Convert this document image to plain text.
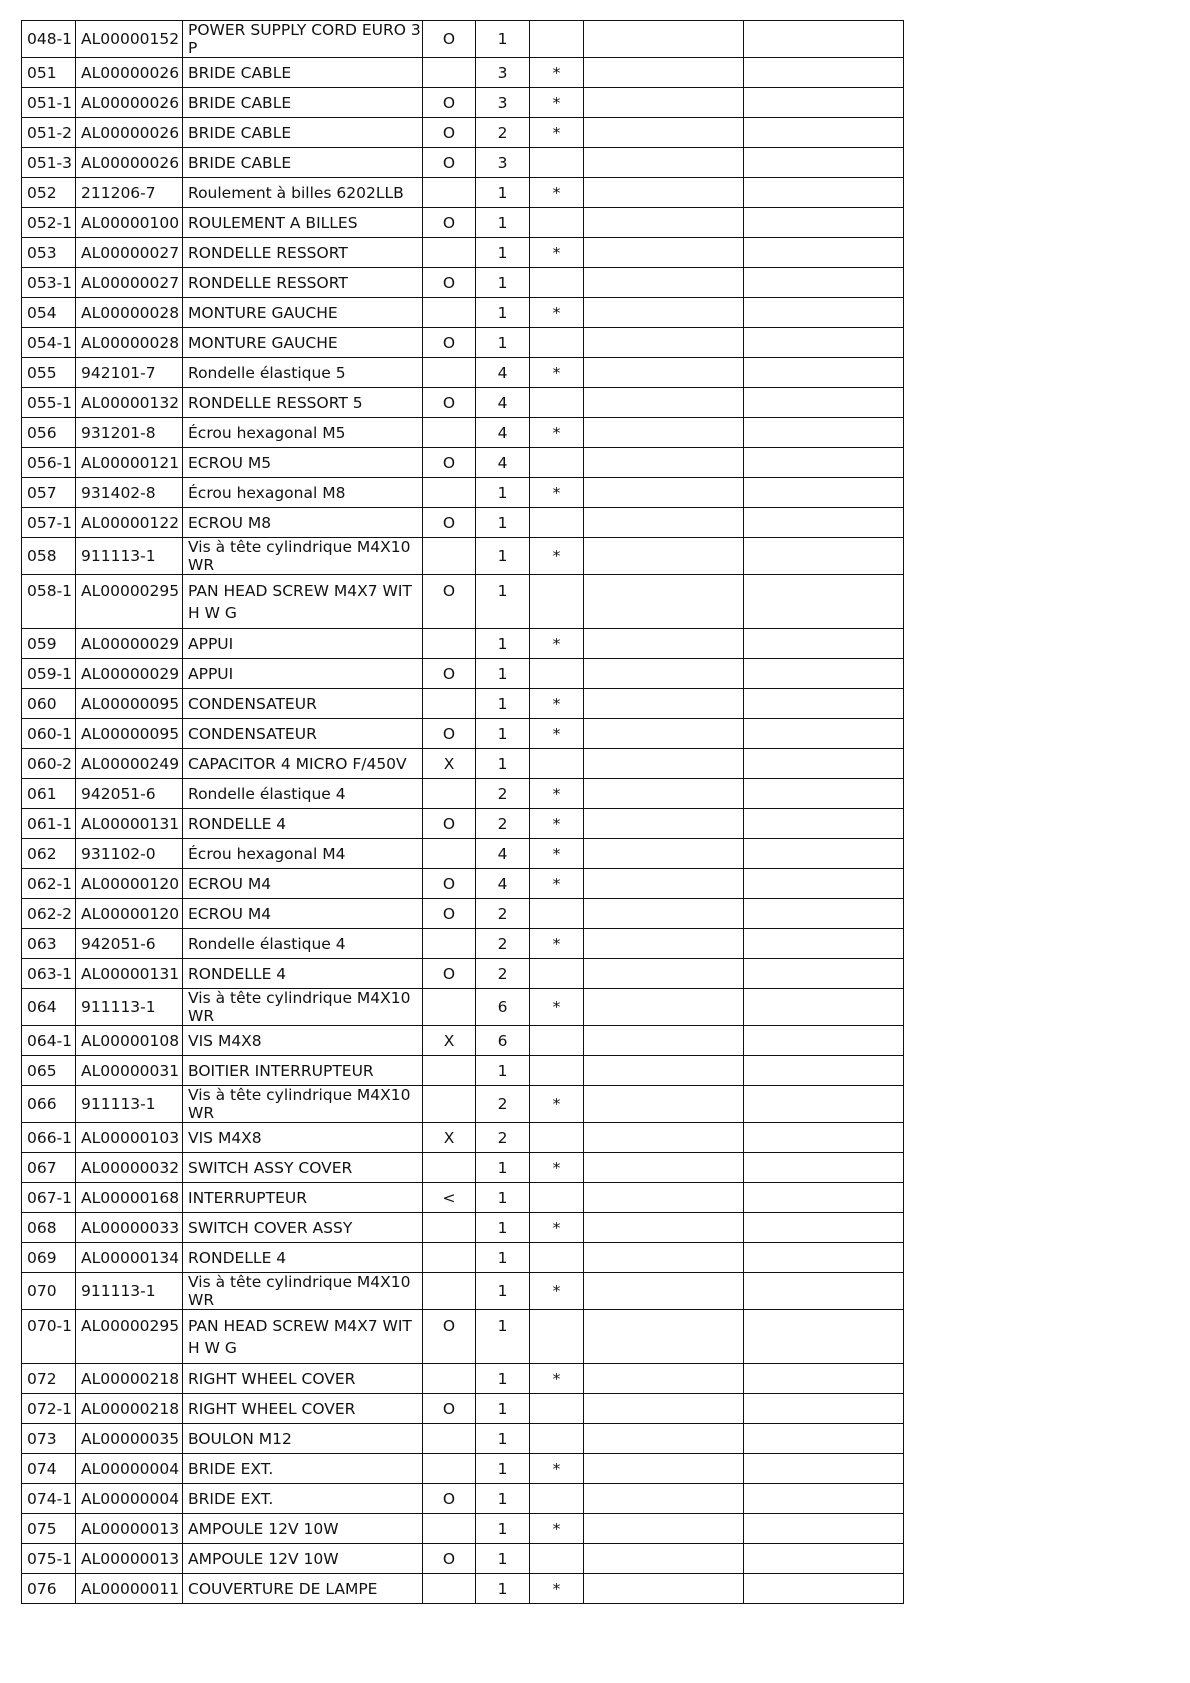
048-1	AL00000152	POWER SUPPLY CORD EURO 3P	O	1			
051	AL00000026	BRIDE CABLE		3	*		
051-1	AL00000026	BRIDE CABLE	O	3	*		
051-2	AL00000026	BRIDE CABLE	O	2	*		
051-3	AL00000026	BRIDE CABLE	O	3			
052	211206-7	Roulement à billes 6202LLB		1	*		
052-1	AL00000100	ROULEMENT A BILLES	O	1			
053	AL00000027	RONDELLE RESSORT		1	*		
053-1	AL00000027	RONDELLE RESSORT	O	1			
054	AL00000028	MONTURE GAUCHE		1	*		
054-1	AL00000028	MONTURE GAUCHE	O	1			
055	942101-7	Rondelle élastique 5		4	*		
055-1	AL00000132	RONDELLE RESSORT 5	O	4			
056	931201-8	Écrou hexagonal M5		4	*		
056-1	AL00000121	ECROU M5	O	4			
057	931402-8	Écrou hexagonal M8		1	*		
057-1	AL00000122	ECROU M8	O	1			
058	911113-1	Vis à tête cylindrique M4X10 WR		1	*		
058-1	AL00000295	PAN HEAD SCREW M4X7 WITH W G	O	1			
059	AL00000029	APPUI		1	*		
059-1	AL00000029	APPUI	O	1			
060	AL00000095	CONDENSATEUR		1	*		
060-1	AL00000095	CONDENSATEUR	O	1	*		
060-2	AL00000249	CAPACITOR 4 MICRO F/450V	X	1			
061	942051-6	Rondelle élastique 4		2	*		
061-1	AL00000131	RONDELLE 4	O	2	*		
062	931102-0	Écrou hexagonal M4		4	*		
062-1	AL00000120	ECROU M4	O	4	*		
062-2	AL00000120	ECROU M4	O	2			
063	942051-6	Rondelle élastique 4		2	*		
063-1	AL00000131	RONDELLE 4	O	2			
064	911113-1	Vis à tête cylindrique M4X10 WR		6	*		
064-1	AL00000108	VIS M4X8	X	6			
065	AL00000031	BOITIER INTERRUPTEUR		1			
066	911113-1	Vis à tête cylindrique M4X10 WR		2	*		
066-1	AL00000103	VIS M4X8	X	2			
067	AL00000032	SWITCH ASSY COVER		1	*		
067-1	AL00000168	INTERRUPTEUR	<	1			
068	AL00000033	SWITCH COVER ASSY		1	*		
069	AL00000134	RONDELLE 4		1			
070	911113-1	Vis à tête cylindrique M4X10 WR		1	*		
070-1	AL00000295	PAN HEAD SCREW M4X7 WITH W G	O	1			
072	AL00000218	RIGHT WHEEL COVER		1	*		
072-1	AL00000218	RIGHT WHEEL COVER	O	1			
073	AL00000035	BOULON M12		1			
074	AL00000004	BRIDE EXT.		1	*		
074-1	AL00000004	BRIDE EXT.	O	1			
075	AL00000013	AMPOULE 12V 10W		1	*		
075-1	AL00000013	AMPOULE 12V 10W	O	1			
076	AL00000011	COUVERTURE DE LAMPE		1	*		
